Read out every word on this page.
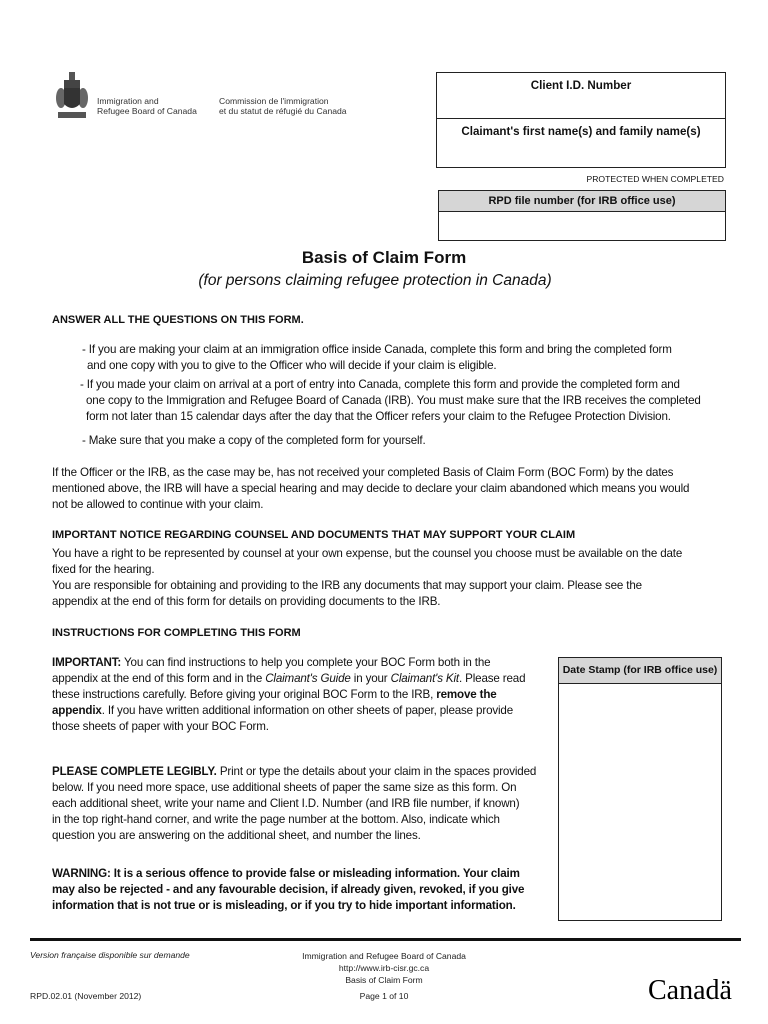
Immigration and
Refugee Board of Canada
Commission de l'immigration
et du statut de réfugié du Canada
Client I.D. Number
Claimant's first name(s) and family name(s)
PROTECTED WHEN COMPLETED
RPD file number (for IRB office use)
Basis of Claim Form
(for persons claiming refugee protection in Canada)
ANSWER ALL THE QUESTIONS ON THIS FORM.
- If you are making your claim at an immigration office inside Canada, complete this form and bring the completed form
and one copy with you to give to the Officer who will decide if your claim is eligible.
- If you made your claim on arrival at a port of entry into Canada, complete this form and provide the completed form and
one copy to the Immigration and Refugee Board of Canada (IRB). You must make sure that the IRB receives the completed
form not later than 15 calendar days after the day that the Officer refers your claim to the Refugee Protection Division.
- Make sure that you make a copy of the completed form for yourself.
If the Officer or the IRB, as the case may be, has not received your completed Basis of Claim Form (BOC Form) by the dates
mentioned above, the IRB will have a special hearing and may decide to declare your claim abandoned which means you would
not be allowed to continue with your claim.
IMPORTANT NOTICE REGARDING COUNSEL AND DOCUMENTS THAT MAY SUPPORT YOUR CLAIM
You have a right to be represented by counsel at your own expense, but the counsel you choose must be available on the date
fixed for the hearing.
You are responsible for obtaining and providing to the IRB any documents that may support your claim. Please see the
appendix at the end of this form for details on providing documents to the IRB.
INSTRUCTIONS FOR COMPLETING THIS FORM
IMPORTANT: You can find instructions to help you complete your BOC Form both in the
appendix at the end of this form and in the Claimant's Guide in your Claimant's Kit. Please read
these instructions carefully. Before giving your original BOC Form to the IRB, remove the
appendix. If you have written additional information on other sheets of paper, please provide
those sheets of paper with your BOC Form.
PLEASE COMPLETE LEGIBLY. Print or type the details about your claim in the spaces provided
below. If you need more space, use additional sheets of paper the same size as this form. On
each additional sheet, write your name and Client I.D. Number (and IRB file number, if known)
in the top right-hand corner, and write the page number at the bottom. Also, indicate which
question you are answering on the additional sheet, and number the lines.
WARNING: It is a serious offence to provide false or misleading information. Your claim
may also be rejected - and any favourable decision, if already given, revoked, if you give
information that is not true or is misleading, or if you try to hide important information.
Date Stamp (for IRB office use)
Version française disponible sur demande	Immigration and Refugee Board of Canada
http://www.irb-cisr.gc.ca
Basis of Claim Form
Page 1 of 10
RPD.02.01 (November 2012)	Canadä
